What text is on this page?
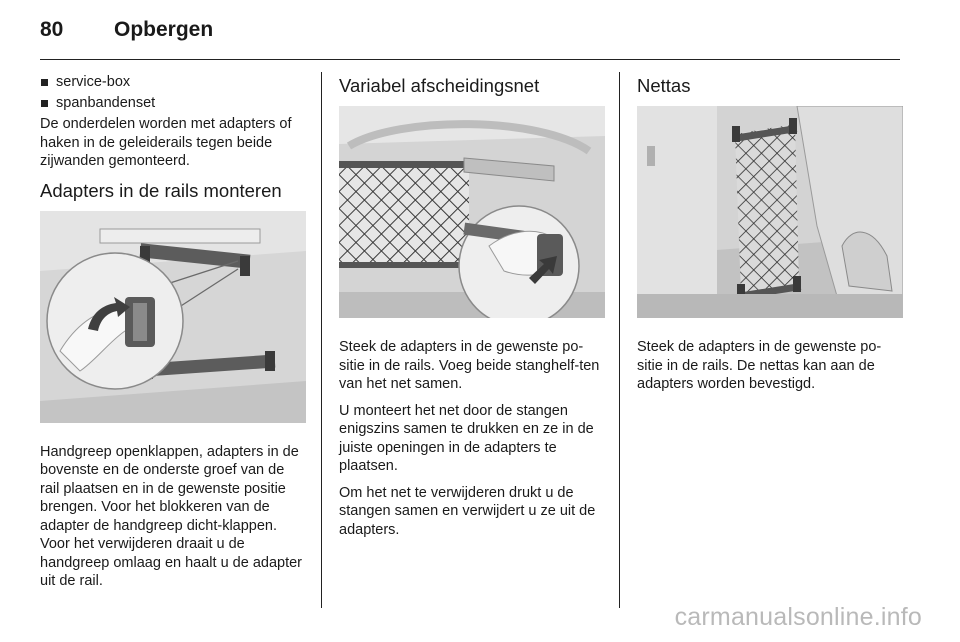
80	Opbergen
service-box
spanbandenset

De onderdelen worden met adapters of haken in de geleiderails tegen beide zijwanden gemonteerd.

Adapters in de rails monteren

Handgreep openklappen, adapters in de bovenste en de onderste groef van de rail plaatsen en in de gewenste positie brengen. Voor het blokkeren van de adapter de handgreep dicht-klappen. Voor het verwijderen draait u de handgreep omlaag en haalt u de adapter uit de rail.

Variabel afscheidingsnet

Steek de adapters in de gewenste po-sitie in de rails. Voeg beide stanghelf-ten van het net samen.

U monteert het net door de stangen enigszins samen te drukken en ze in de juiste openingen in de adapters te plaatsen.

Om het net te verwijderen drukt u de stangen samen en verwijdert u ze uit de adapters.

Nettas

Steek de adapters in de gewenste po-sitie in de rails. De nettas kan aan de adapters worden bevestigd.

carmanualsonline.info
